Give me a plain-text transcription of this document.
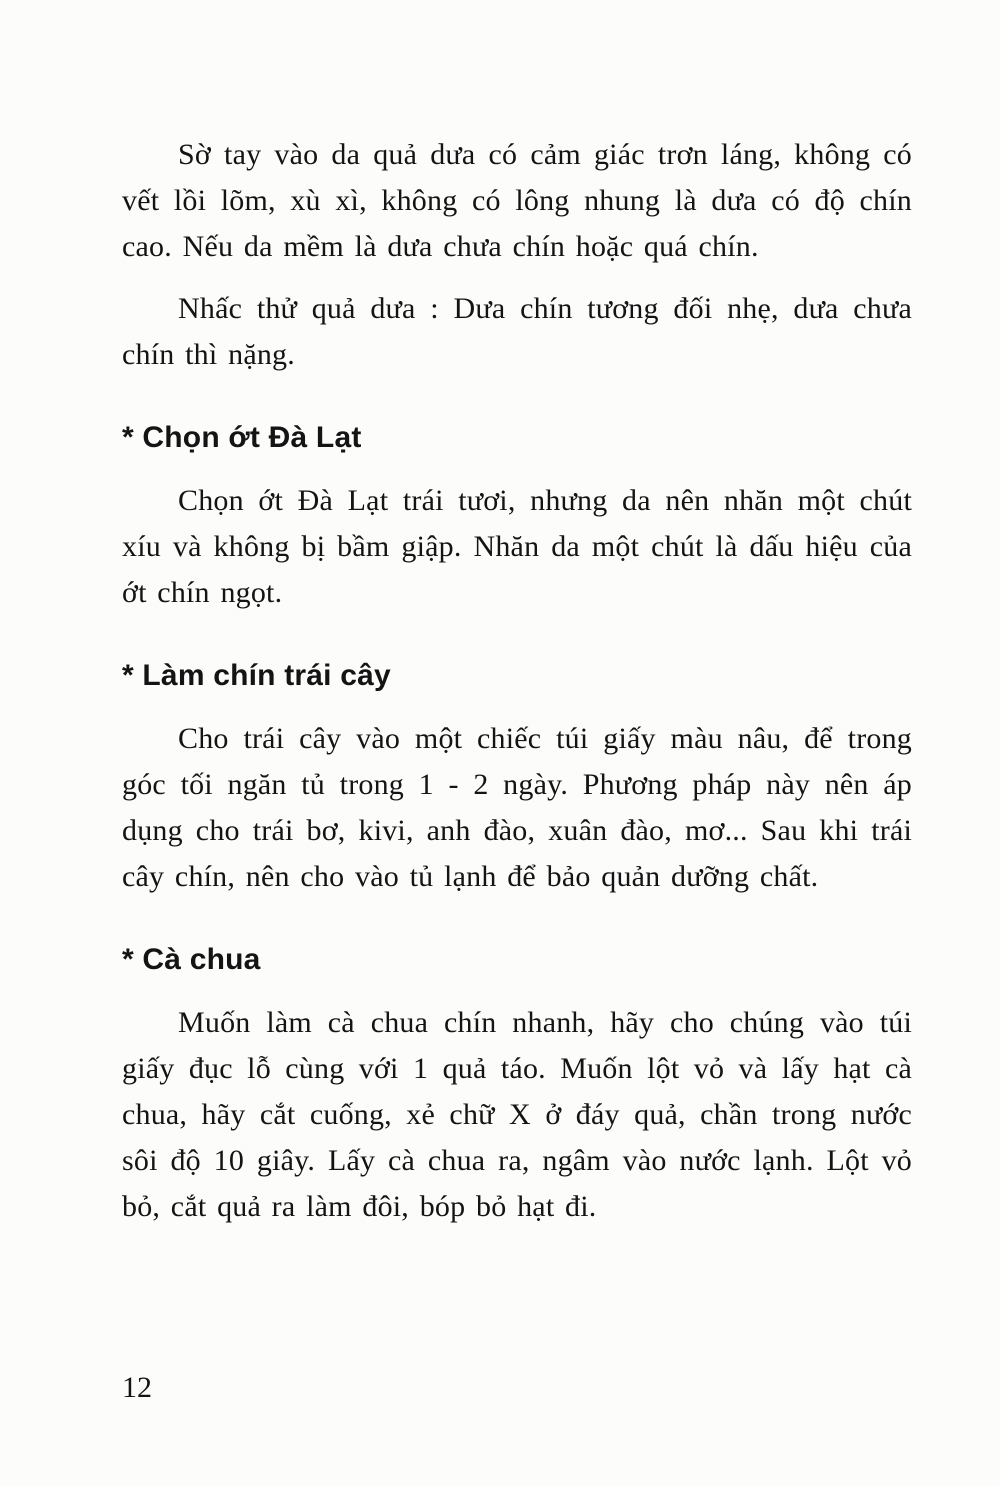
Sờ tay vào da quả dưa có cảm giác trơn láng, không có vết lồi lõm, xù xì, không có lông nhung là dưa có độ chín cao. Nếu da mềm là dưa chưa chín hoặc quá chín.

Nhấc thử quả dưa : Dưa chín tương đối nhẹ, dưa chưa chín thì nặng.

* Chọn ớt Đà Lạt

Chọn ớt Đà Lạt trái tươi, nhưng da nên nhăn một chút xíu và không bị bầm giập. Nhăn da một chút là dấu hiệu của ớt chín ngọt.

* Làm chín trái cây

Cho trái cây vào một chiếc túi giấy màu nâu, để trong góc tối ngăn tủ trong 1 - 2 ngày. Phương pháp này nên áp dụng cho trái bơ, kivi, anh đào, xuân đào, mơ... Sau khi trái cây chín, nên cho vào tủ lạnh để bảo quản dưỡng chất.

* Cà chua

Muốn làm cà chua chín nhanh, hãy cho chúng vào túi giấy đục lỗ cùng với 1 quả táo. Muốn lột vỏ và lấy hạt cà chua, hãy cắt cuống, xẻ chữ X ở đáy quả, chần trong nước sôi độ 10 giây. Lấy cà chua ra, ngâm vào nước lạnh. Lột vỏ bỏ, cắt quả ra làm đôi, bóp bỏ hạt đi.

12
